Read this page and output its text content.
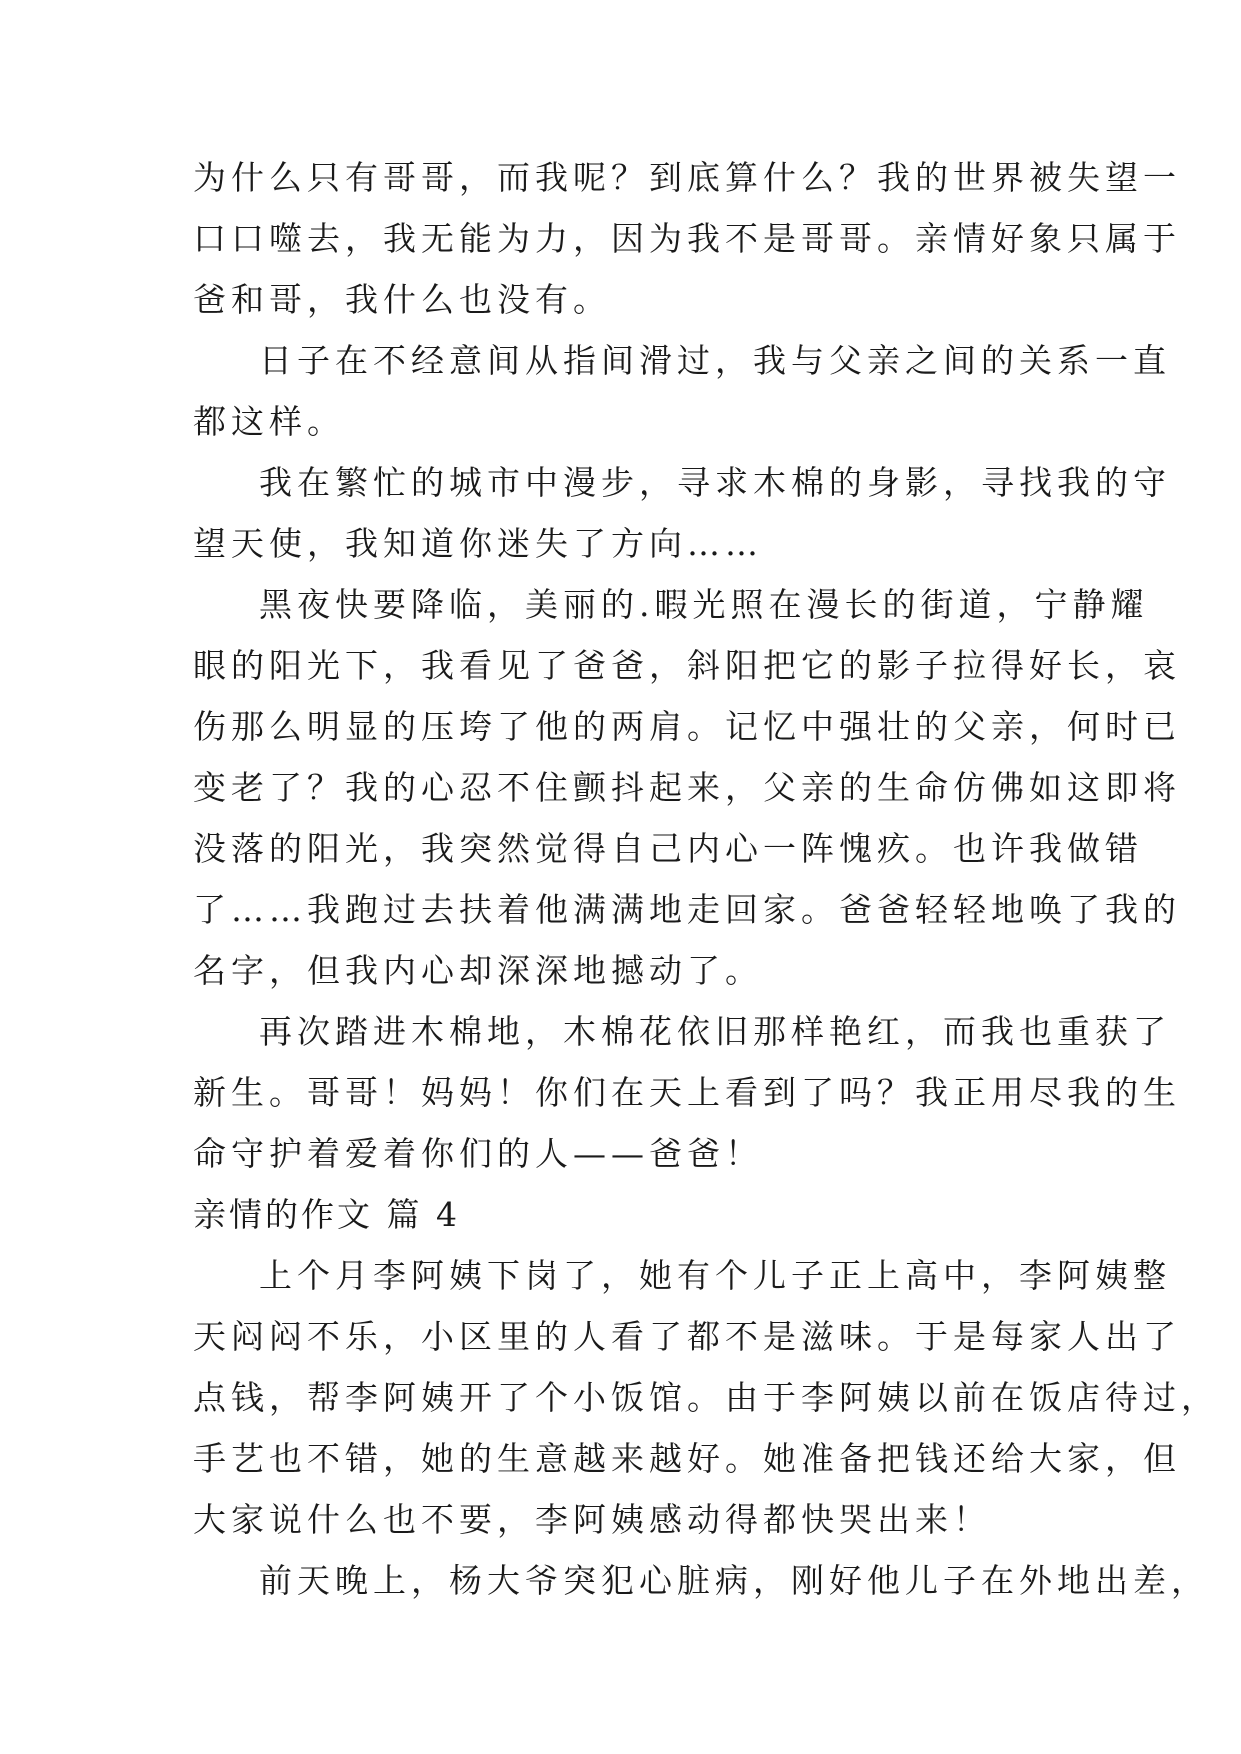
为什么只有哥哥，而我呢？到底算什么？我的世界被失望一
口口噬去，我无能为力，因为我不是哥哥。亲情好象只属于
爸和哥，我什么也没有。
日子在不经意间从指间滑过，我与父亲之间的关系一直
都这样。
我在繁忙的城市中漫步，寻求木棉的身影，寻找我的守
望天使，我知道你迷失了方向……
黑夜快要降临，美丽的.暇光照在漫长的街道，宁静耀
眼的阳光下，我看见了爸爸，斜阳把它的影子拉得好长，哀
伤那么明显的压垮了他的两肩。记忆中强壮的父亲，何时已
变老了？我的心忍不住颤抖起来，父亲的生命仿佛如这即将
没落的阳光，我突然觉得自己内心一阵愧疚。也许我做错
了……我跑过去扶着他满满地走回家。爸爸轻轻地唤了我的
名字，但我内心却深深地撼动了。
再次踏进木棉地，木棉花依旧那样艳红，而我也重获了
新生。哥哥！妈妈！你们在天上看到了吗？我正用尽我的生
命守护着爱着你们的人——爸爸！
亲情的作文 篇 4
上个月李阿姨下岗了，她有个儿子正上高中，李阿姨整
天闷闷不乐，小区里的人看了都不是滋味。于是每家人出了
点钱，帮李阿姨开了个小饭馆。由于李阿姨以前在饭店待过，
手艺也不错，她的生意越来越好。她准备把钱还给大家，但
大家说什么也不要，李阿姨感动得都快哭出来！
前天晚上，杨大爷突犯心脏病，刚好他儿子在外地出差，
